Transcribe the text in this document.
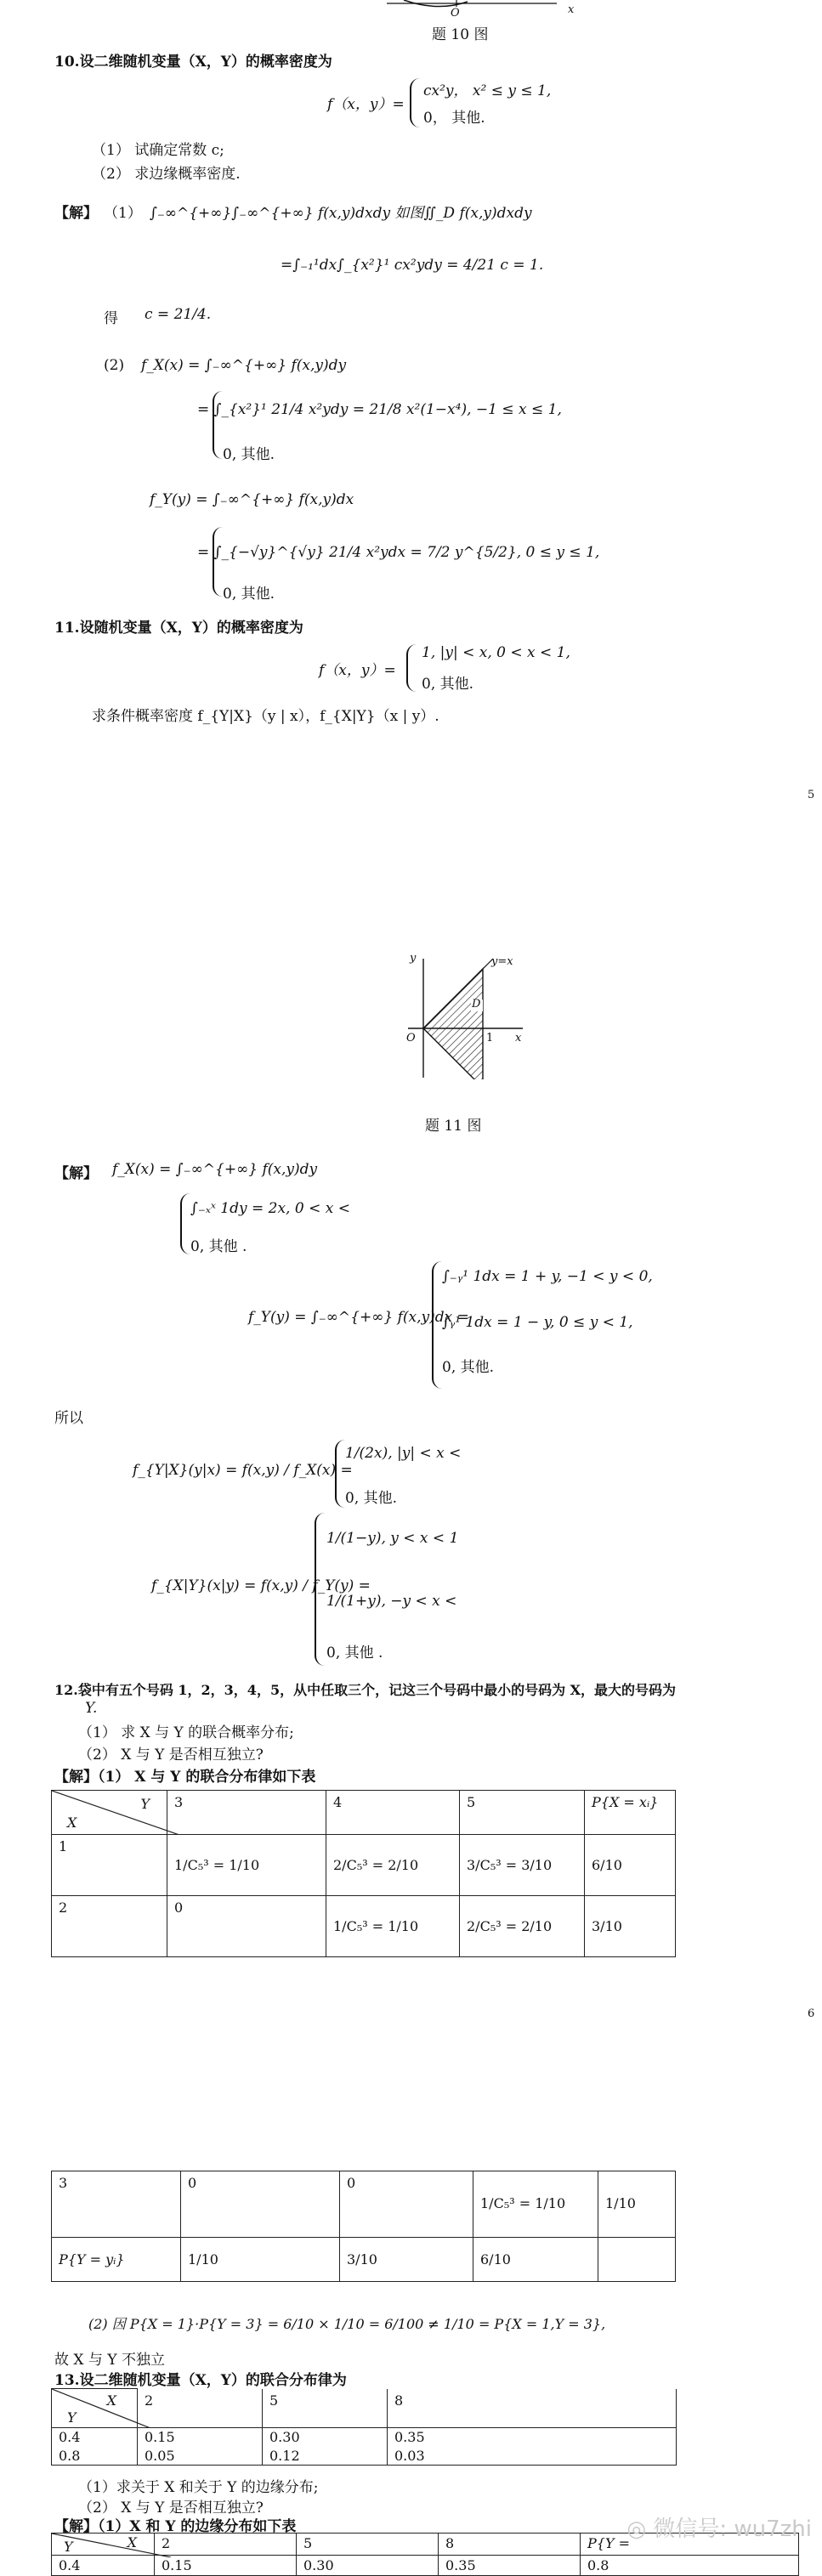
O	x
题 10 图
10.设二维随机变量（X，Y）的概率密度为
f（x，y）=
cx²y， x² ≤ y ≤ 1,
0， 其他.
（1） 试确定常数 c;
（2） 求边缘概率密度.
【解】 （1） ∫₋∞^{+∞}∫₋∞^{+∞} f(x,y)dxdy 如图∬_D f(x,y)dxdy
=∫₋₁¹dx∫_{x²}¹ cx²ydy = 4/21 c = 1.
得 c = 21/4.
(2) f_X(x) = ∫₋∞^{+∞} f(x,y)dy
= ∫_{x²}¹ 21/4 x²ydy = 21/8 x²(1−x⁴), −1 ≤ x ≤ 1,
0, 其他.
f_Y(y) = ∫₋∞^{+∞} f(x,y)dx
= ∫_{−√y}^{√y} 21/4 x²ydx = 7/2 y^{5/2}, 0 ≤ y ≤ 1,
0, 其他.
11.设随机变量（X，Y）的概率密度为
f（x，y）=
1, |y| < x, 0 < x < 1,
0, 其他.
求条件概率密度 f_{Y|X}（y | x），f_{X|Y}（x | y）.
5
y	y=x
D
O	1 x
题 11 图
【解】 f_X(x) = ∫₋∞^{+∞} f(x,y)dy
∫₋ₓˣ 1dy = 2x, 0 < x <
0, 其他 .
f_Y(y) = ∫₋∞^{+∞} f(x,y)dx =
∫₋ᵧ¹ 1dx = 1 + y, −1 < y < 0,
∫ᵧ¹ 1dx = 1 − y, 0 ≤ y < 1,
0, 其他.
所以
f_{Y|X}(y|x) = f(x,y) / f_X(x) =
1/(2x), |y| < x <
0, 其他.
f_{X|Y}(x|y) = f(x,y) / f_Y(y) =
1/(1−y), y < x < 1
1/(1+y), −y < x <
0, 其他 .
12.袋中有五个号码 1，2，3，4，5，从中任取三个，记这三个号码中最小的号码为 X，最大的号码为
Y.
（1） 求 X 与 Y 的联合概率分布;
（2） X 与 Y 是否相互独立?
【解】（1） X 与 Y 的联合分布律如下表
Y
X	3	4	5	P{X = xᵢ}
1	1/C₅³ = 1/10	2/C₅³ = 2/10	3/C₅³ = 3/10	6/10
2	0	1/C₅³ = 1/10	2/C₅³ = 2/10	3/10
6
3	0	0	1/C₅³ = 1/10	1/10
P{Y = yᵢ}	1/10	3/10	6/10	
(2) 因 P{X = 1}·P{Y = 3} = 6/10 × 1/10 = 6/100 ≠ 1/10 = P{X = 1,Y = 3},
故 X 与 Y 不独立
13.设二维随机变量（X，Y）的联合分布律为
X
Y	2	5	8
0.4	0.15	0.30	0.35
0.8	0.05	0.12	0.03
（1）求关于 X 和关于 Y 的边缘分布;
（2） X 与 Y 是否相互独立?
【解】（1）X 和 Y 的边缘分布如下表
X
Y	2	5	8	P{Y =
0.4	0.15	0.30	0.35	0.8
◎ 微信号: wu7zhi
